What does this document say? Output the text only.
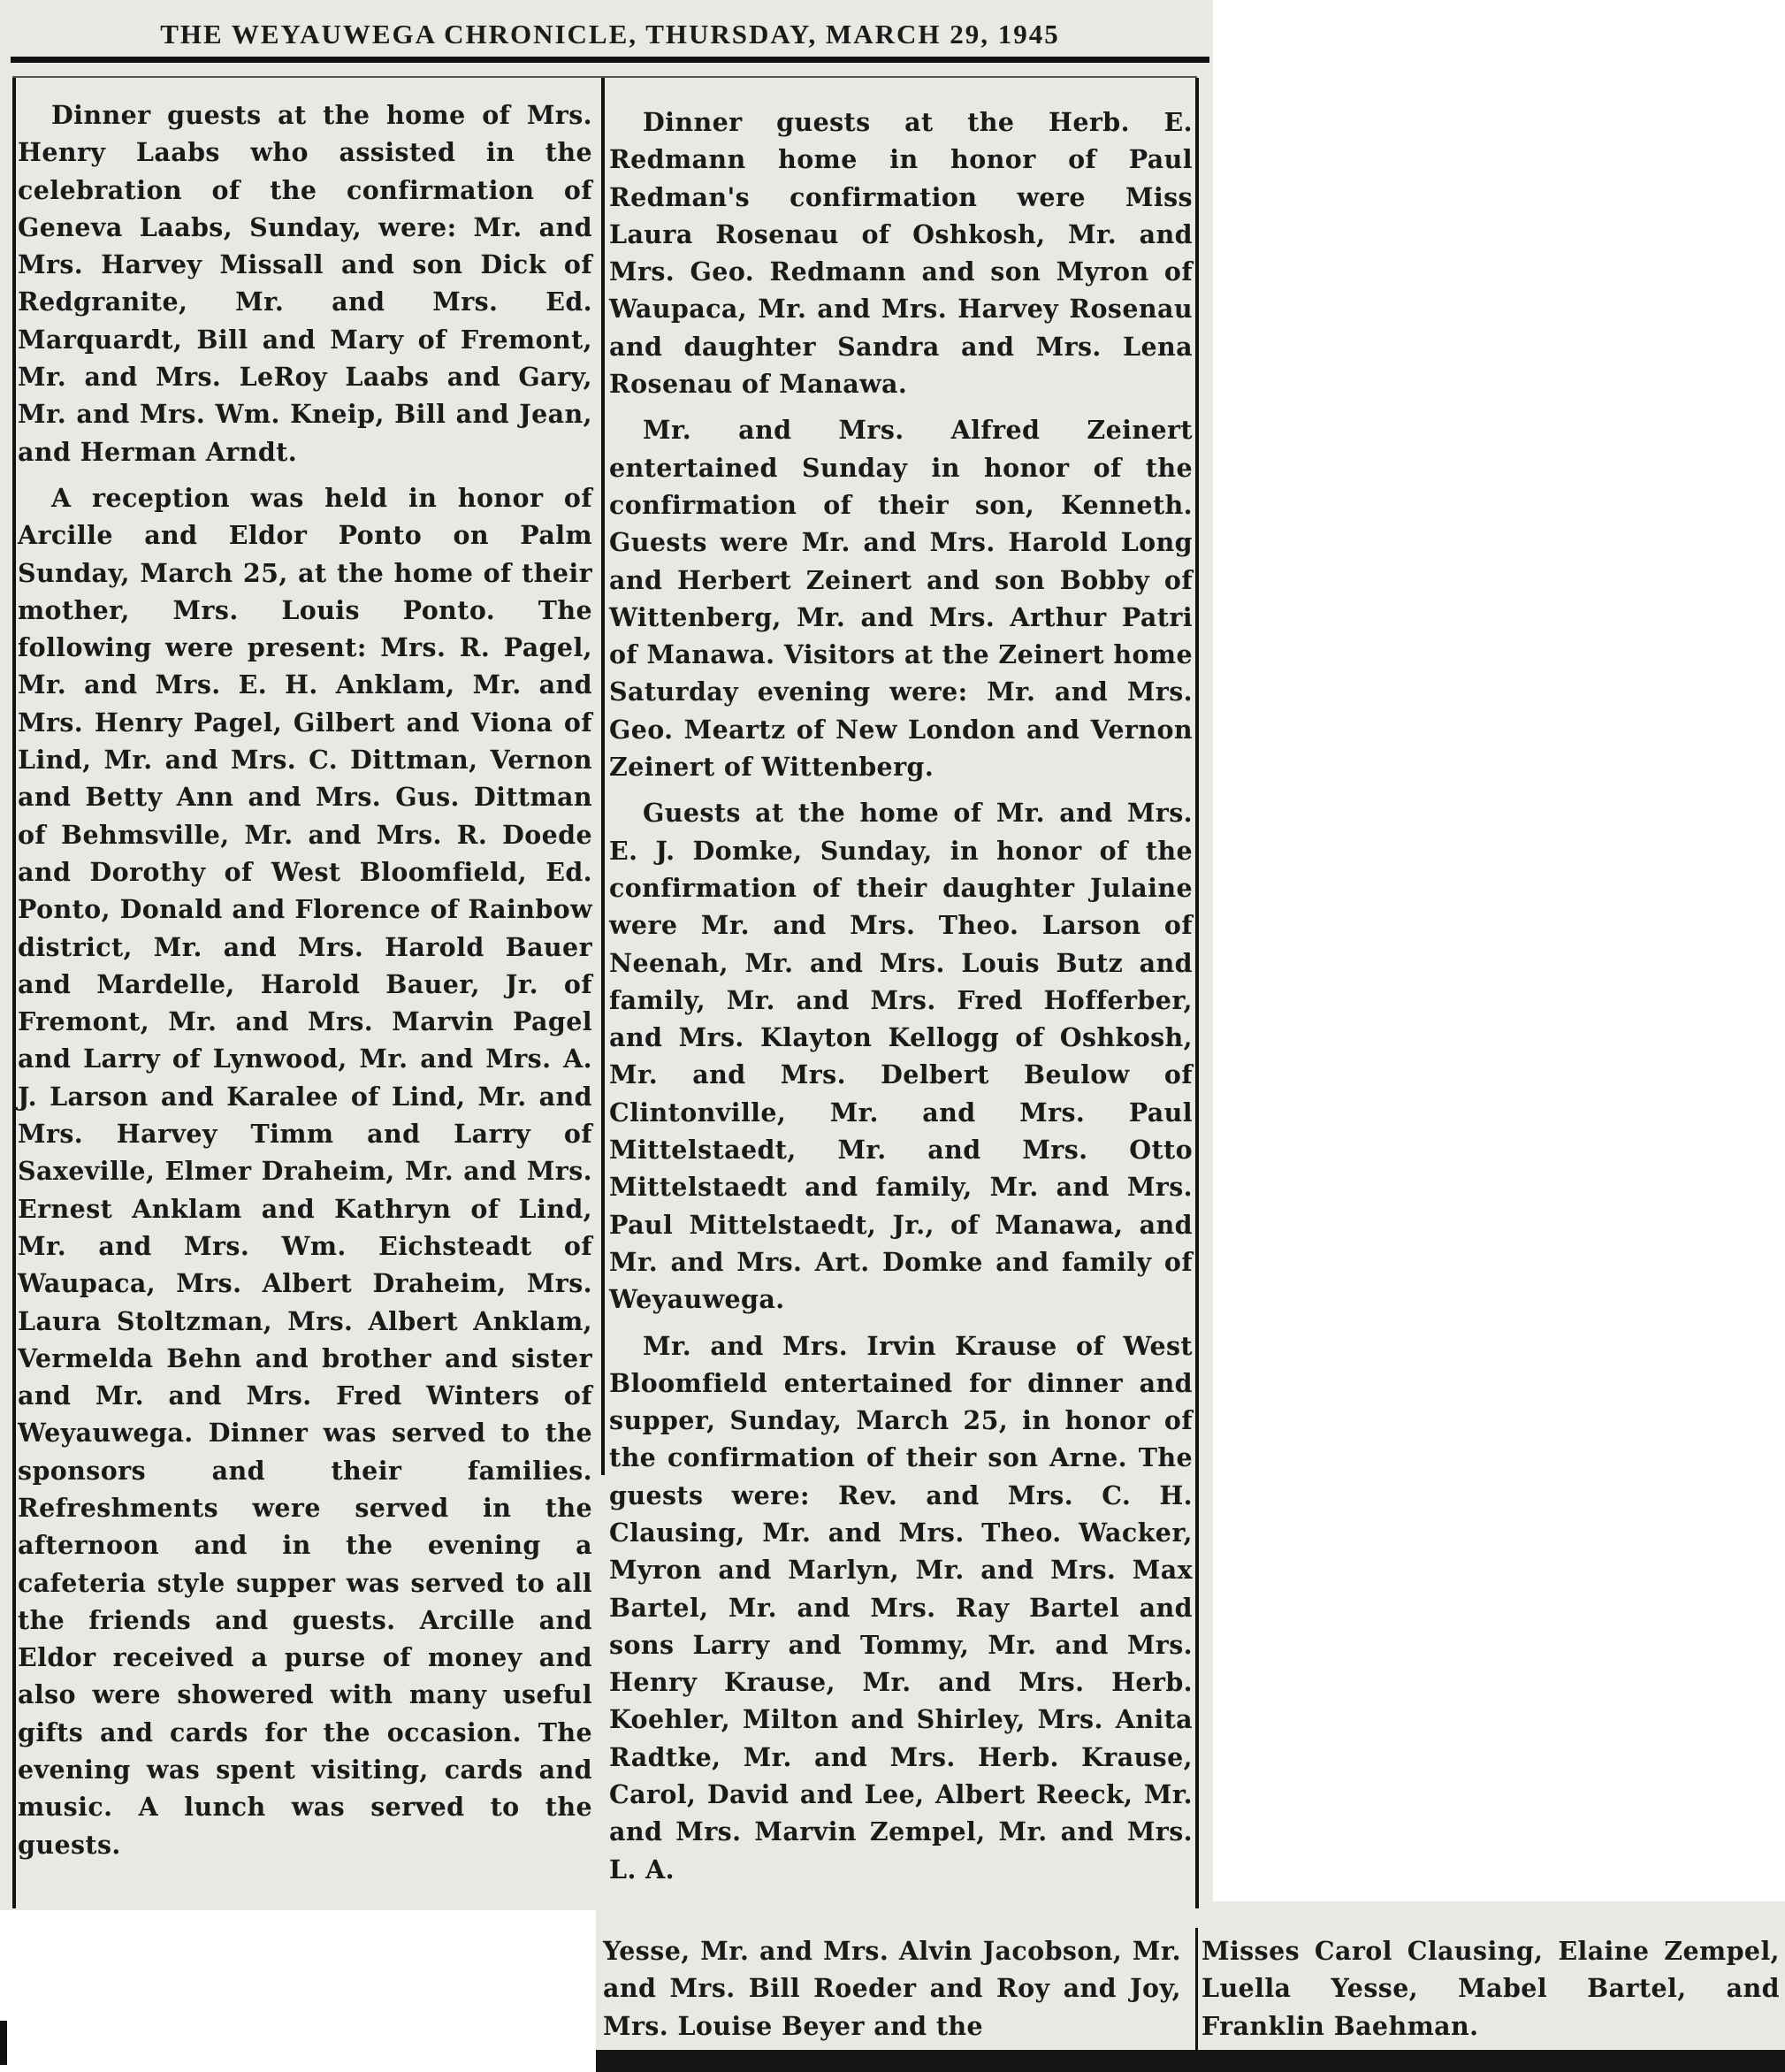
THE WEYAUWEGA CHRONICLE, THURSDAY, MARCH 29, 1945

Dinner guests at the home of Mrs. Henry Laabs who assisted in the celebration of the confirmation of Geneva Laabs, Sunday, were: Mr. and Mrs. Harvey Missall and son Dick of Redgranite, Mr. and Mrs. Ed. Marquardt, Bill and Mary of Fremont, Mr. and Mrs. LeRoy Laabs and Gary, Mr. and Mrs. Wm. Kneip, Bill and Jean, and Herman Arndt.

A reception was held in honor of Arcille and Eldor Ponto on Palm Sunday, March 25, at the home of their mother, Mrs. Louis Ponto. The following were present: Mrs. R. Pagel, Mr. and Mrs. E. H. Anklam, Mr. and Mrs. Henry Pagel, Gilbert and Viona of Lind, Mr. and Mrs. C. Dittman, Vernon and Betty Ann and Mrs. Gus. Dittman of Behmsville, Mr. and Mrs. R. Doede and Dorothy of West Bloomfield, Ed. Ponto, Donald and Florence of Rainbow district, Mr. and Mrs. Harold Bauer and Mardelle, Harold Bauer, Jr. of Fremont, Mr. and Mrs. Marvin Pagel and Larry of Lynwood, Mr. and Mrs. A. J. Larson and Karalee of Lind, Mr. and Mrs. Harvey Timm and Larry of Saxeville, Elmer Draheim, Mr. and Mrs. Ernest Anklam and Kathryn of Lind, Mr. and Mrs. Wm. Eichsteadt of Waupaca, Mrs. Albert Draheim, Mrs. Laura Stoltzman, Mrs. Albert Anklam, Vermelda Behn and brother and sister and Mr. and Mrs. Fred Winters of Weyauwega. Dinner was served to the sponsors and their families. Refreshments were served in the afternoon and in the evening a cafeteria style supper was served to all the friends and guests. Arcille and Eldor received a purse of money and also were showered with many useful gifts and cards for the occasion. The evening was spent visiting, cards and music. A lunch was served to the guests.

Dinner guests at the Herb. E. Redmann home in honor of Paul Redman's confirmation were Miss Laura Rosenau of Oshkosh, Mr. and Mrs. Geo. Redmann and son Myron of Waupaca, Mr. and Mrs. Harvey Rosenau and daughter Sandra and Mrs. Lena Rosenau of Manawa.

Mr. and Mrs. Alfred Zeinert entertained Sunday in honor of the confirmation of their son, Kenneth. Guests were Mr. and Mrs. Harold Long and Herbert Zeinert and son Bobby of Wittenberg, Mr. and Mrs. Arthur Patri of Manawa. Visitors at the Zeinert home Saturday evening were: Mr. and Mrs. Geo. Meartz of New London and Vernon Zeinert of Wittenberg.

Guests at the home of Mr. and Mrs. E. J. Domke, Sunday, in honor of the confirmation of their daughter Julaine were Mr. and Mrs. Theo. Larson of Neenah, Mr. and Mrs. Louis Butz and family, Mr. and Mrs. Fred Hofferber, and Mrs. Klayton Kellogg of Oshkosh, Mr. and Mrs. Delbert Beulow of Clintonville, Mr. and Mrs. Paul Mittelstaedt, Mr. and Mrs. Otto Mittelstaedt and family, Mr. and Mrs. Paul Mittelstaedt, Jr., of Manawa, and Mr. and Mrs. Art. Domke and family of Weyauwega.

Mr. and Mrs. Irvin Krause of West Bloomfield entertained for dinner and supper, Sunday, March 25, in honor of the confirmation of their son Arne. The guests were: Rev. and Mrs. C. H. Clausing, Mr. and Mrs. Theo. Wacker, Myron and Marlyn, Mr. and Mrs. Max Bartel, Mr. and Mrs. Ray Bartel and sons Larry and Tommy, Mr. and Mrs. Henry Krause, Mr. and Mrs. Herb. Koehler, Milton and Shirley, Mrs. Anita Radtke, Mr. and Mrs. Herb. Krause, Carol, David and Lee, Albert Reeck, Mr. and Mrs. Marvin Zempel, Mr. and Mrs. L. A.

Yesse, Mr. and Mrs. Alvin Jacobson, Mr. and Mrs. Bill Roeder and Roy and Joy, Mrs. Louise Beyer and the

Misses Carol Clausing, Elaine Zempel, Luella Yesse, Mabel Bartel, and Franklin Baehman.
